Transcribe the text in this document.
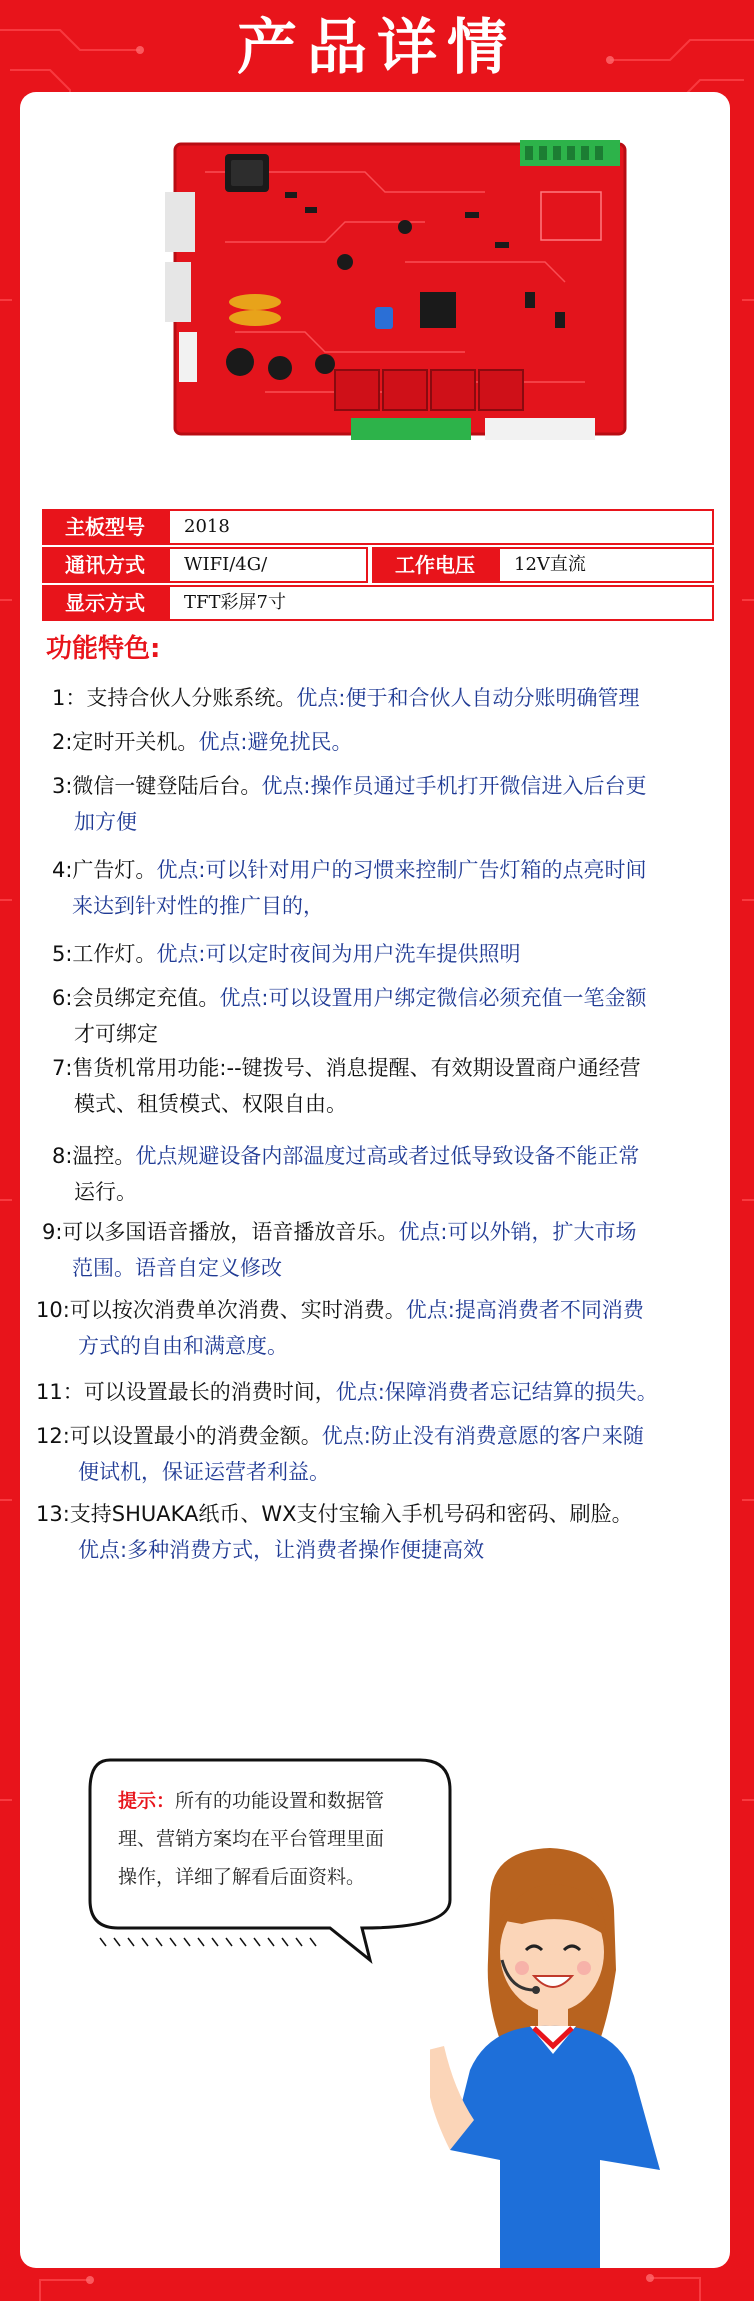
产品详情
主板型号	2018
通讯方式	WIFI/4G/	工作电压	12V直流
显示方式	TFT彩屏7寸
功能特色:
1：支持合伙人分账系统。优点:便于和合伙人自动分账明确管理
2:定时开关机。优点:避免扰民。
3:微信一键登陆后台。优点:操作员通过手机打开微信进入后台更
加方便
4:广告灯。优点:可以针对用户的习惯来控制广告灯箱的点亮时间
来达到针对性的推广目的，
5:工作灯。优点:可以定时夜间为用户洗车提供照明
6:会员绑定充值。优点:可以设置用户绑定微信必须充值一笔金额
才可绑定
7:售货机常用功能:--键拨号、消息提醒、有效期设置商户通经营
模式、租赁模式、权限自由。
8:温控。优点规避设备内部温度过高或者过低导致设备不能正常
运行。
9:可以多国语音播放，语音播放音乐。优点:可以外销，扩大市场
范围。语音自定义修改
10:可以按次消费单次消费、实时消费。优点:提高消费者不同消费
方式的自由和满意度。
11：可以设置最长的消费时间，优点:保障消费者忘记结算的损失。
12:可以设置最小的消费金额。优点:防止没有消费意愿的客户来随
便试机，保证运营者利益。
13:支持SHUAKA纸币、WX支付宝输入手机号码和密码、刷脸。
优点:多种消费方式，让消费者操作便捷高效
提示：所有的功能设置和数据管
理、营销方案均在平台管理里面
操作，详细了解看后面资料。
